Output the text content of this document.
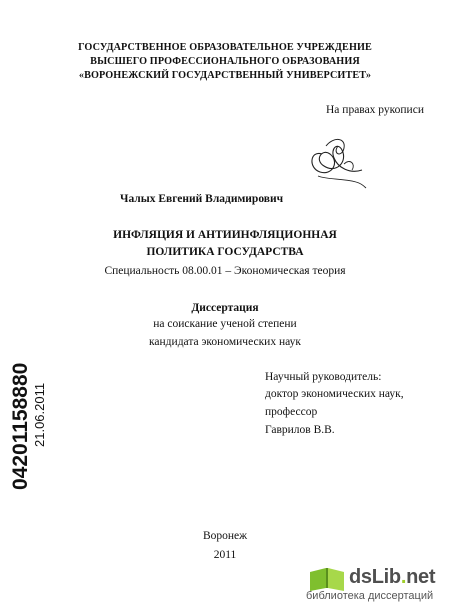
ГОСУДАРСТВЕННОЕ ОБРАЗОВАТЕЛЬНОЕ УЧРЕЖДЕНИЕ
ВЫСШЕГО ПРОФЕССИОНАЛЬНОГО ОБРАЗОВАНИЯ
«ВОРОНЕЖСКИЙ ГОСУДАРСТВЕННЫЙ УНИВЕРСИТЕТ»
На правах рукописи
Чалых Евгений Владимирович
ИНФЛЯЦИЯ И АНТИИНФЛЯЦИОННАЯ
ПОЛИТИКА ГОСУДАРСТВА
Специальность 08.00.01 – Экономическая теория
Диссертация
на соискание ученой степени
кандидата экономических наук
Научный руководитель:
доктор экономических наук,
профессор
Гаврилов В.В.
Воронеж
2011
04201158880 21.06.2011
dsLib.net
библиотека диссертаций
